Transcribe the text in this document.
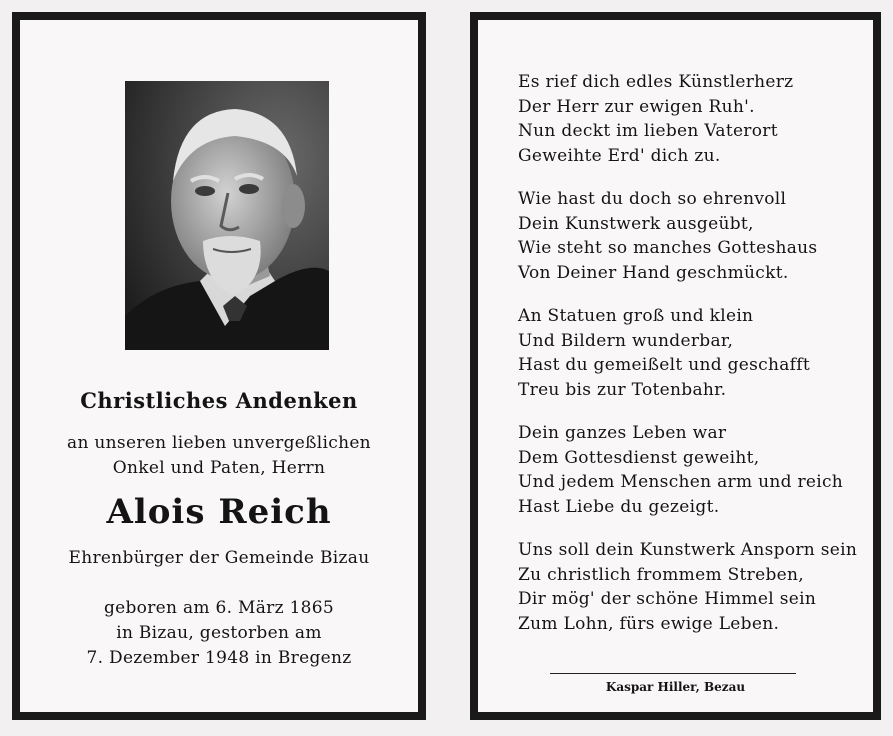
Christliches Andenken
an unseren lieben unvergeßlichen
Onkel und Paten, Herrn
Alois Reich
Ehrenbürger der Gemeinde Bizau
geboren am 6. März 1865
in Bizau, gestorben am
7. Dezember 1948 in Bregenz
Es rief dich edles Künstlerherz
Der Herr zur ewigen Ruh'.
Nun deckt im lieben Vaterort
Geweihte Erd' dich zu.
Wie hast du doch so ehrenvoll
Dein Kunstwerk ausgeübt,
Wie steht so manches Gotteshaus
Von Deiner Hand geschmückt.
An Statuen groß und klein
Und Bildern wunderbar,
Hast du gemeißelt und geschafft
Treu bis zur Totenbahr.
Dein ganzes Leben war
Dem Gottesdienst geweiht,
Und jedem Menschen arm und reich
Hast Liebe du gezeigt.
Uns soll dein Kunstwerk Ansporn sein
Zu christlich frommem Streben,
Dir mög' der schöne Himmel sein
Zum Lohn, fürs ewige Leben.
Kaspar Hiller, Bezau
